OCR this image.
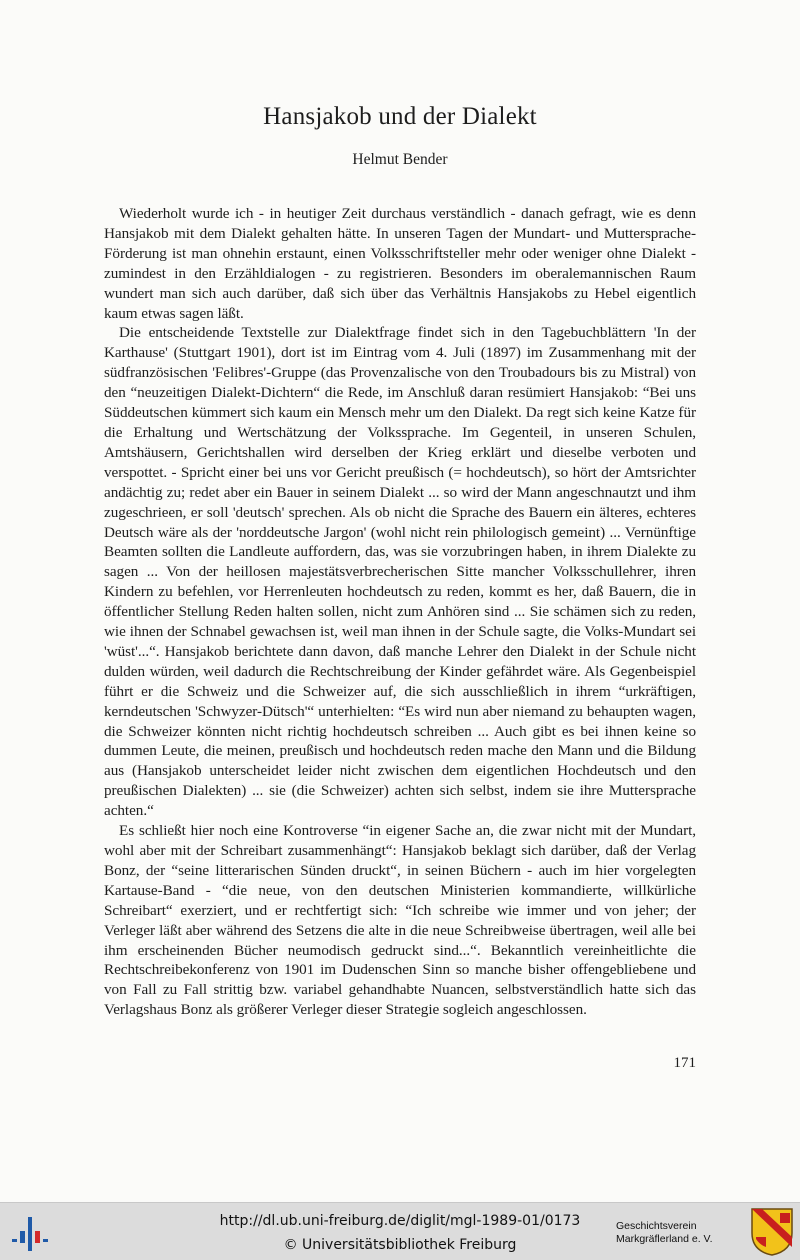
Hansjakob und der Dialekt
Helmut Bender

Wiederholt wurde ich - in heutiger Zeit durchaus verständlich - danach gefragt, wie es denn Hansjakob mit dem Dialekt gehalten hätte. In unseren Tagen der Mundart- und Muttersprache-Förderung ist man ohnehin erstaunt, einen Volksschriftsteller mehr oder weniger ohne Dialekt - zumindest in den Erzähldialogen - zu registrieren. Besonders im oberalemannischen Raum wundert man sich auch darüber, daß sich über das Verhältnis Hansjakobs zu Hebel eigentlich kaum etwas sagen läßt.

Die entscheidende Textstelle zur Dialektfrage findet sich in den Tagebuchblättern 'In der Karthause' (Stuttgart 1901), dort ist im Eintrag vom 4. Juli (1897) im Zusammenhang mit der südfranzösischen 'Felibres'-Gruppe (das Provenzalische von den Troubadours bis zu Mistral) von den “neuzeitigen Dialekt-Dichtern“ die Rede, im Anschluß daran resümiert Hansjakob: “Bei uns Süddeutschen kümmert sich kaum ein Mensch mehr um den Dialekt. Da regt sich keine Katze für die Erhaltung und Wertschätzung der Volkssprache. Im Gegenteil, in unseren Schulen, Amtshäusern, Gerichtshallen wird derselben der Krieg erklärt und dieselbe verboten und verspottet. - Spricht einer bei uns vor Gericht preußisch (= hochdeutsch), so hört der Amtsrichter andächtig zu; redet aber ein Bauer in seinem Dialekt ... so wird der Mann angeschnautzt und ihm zugeschrieen, er soll 'deutsch' sprechen. Als ob nicht die Sprache des Bauern ein älteres, echteres Deutsch wäre als der 'norddeutsche Jargon' (wohl nicht rein philologisch gemeint) ... Vernünftige Beamten sollten die Landleute auffordern, das, was sie vorzubringen haben, in ihrem Dialekte zu sagen ... Von der heillosen majestätsverbrecherischen Sitte mancher Volksschullehrer, ihren Kindern zu befehlen, vor Herrenleuten hochdeutsch zu reden, kommt es her, daß Bauern, die in öffentlicher Stellung Reden halten sollen, nicht zum Anhören sind ... Sie schämen sich zu reden, wie ihnen der Schnabel gewachsen ist, weil man ihnen in der Schule sagte, die Volks-Mundart sei 'wüst'...“. Hansjakob berichtete dann davon, daß manche Lehrer den Dialekt in der Schule nicht dulden würden, weil dadurch die Rechtschreibung der Kinder gefährdet wäre. Als Gegenbeispiel führt er die Schweiz und die Schweizer auf, die sich ausschließlich in ihrem “urkräftigen, kerndeutschen 'Schwyzer-Dütsch'“ unterhielten: “Es wird nun aber niemand zu behaupten wagen, die Schweizer könnten nicht richtig hochdeutsch schreiben ... Auch gibt es bei ihnen keine so dummen Leute, die meinen, preußisch und hochdeutsch reden mache den Mann und die Bildung aus (Hansjakob unterscheidet leider nicht zwischen dem eigentlichen Hochdeutsch und den preußischen Dialekten) ... sie (die Schweizer) achten sich selbst, indem sie ihre Muttersprache achten.“

Es schließt hier noch eine Kontroverse “in eigener Sache an, die zwar nicht mit der Mundart, wohl aber mit der Schreibart zusammenhängt“: Hansjakob beklagt sich darüber, daß der Verlag Bonz, der “seine litterarischen Sünden druckt“, in seinen Büchern - auch im hier vorgelegten Kartause-Band - “die neue, von den deutschen Ministerien kommandierte, willkürliche Schreibart“ exerziert, und er rechtfertigt sich: “Ich schreibe wie immer und von jeher; der Verleger läßt aber während des Setzens die alte in die neue Schreibweise übertragen, weil alle bei ihm erscheinenden Bücher neumodisch gedruckt sind...“. Bekanntlich vereinheitlichte die Rechtschreibekonferenz von 1901 im Dudenschen Sinn so manche bisher offengebliebene und von Fall zu Fall strittig bzw. variabel gehandhabte Nuancen, selbstverständlich hatte sich das Verlagshaus Bonz als größerer Verleger dieser Strategie sogleich angeschlossen.

171
http://dl.ub.uni-freiburg.de/diglit/mgl-1989-01/0173
© Universitätsbibliothek Freiburg
Geschichtsverein
Markgräflerland e. V.
